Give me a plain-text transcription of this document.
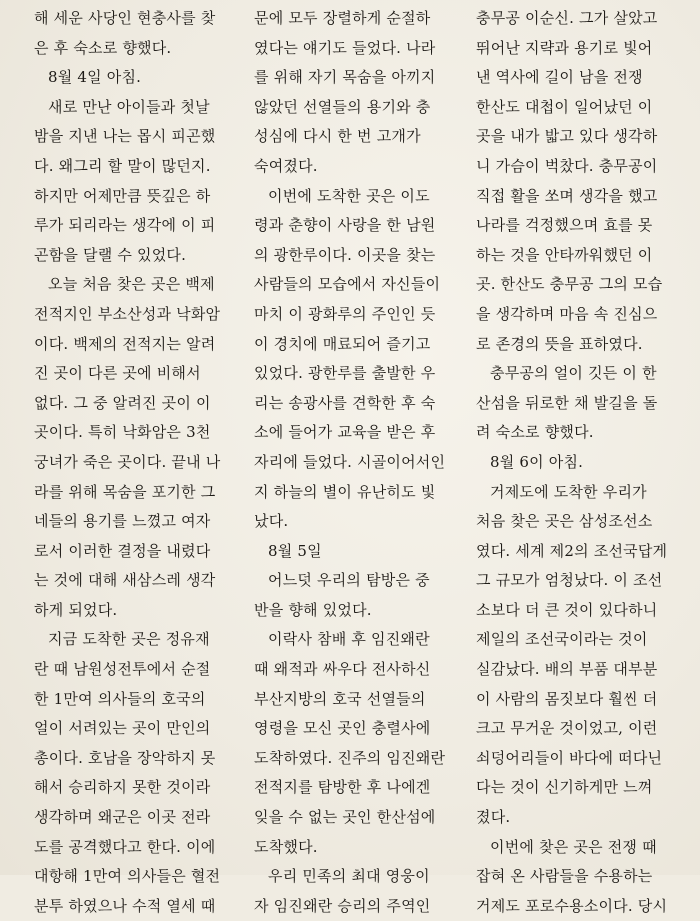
해 세운 사당인 현충사를 찾
은 후 숙소로 향했다.
8월 4일 아침.
새로 만난 아이들과 첫날
밤을 지낸 나는 몹시 피곤했
다. 왜그리 할 말이 많던지.
하지만 어제만큼 뜻깊은 하
루가 되리라는 생각에 이 피
곤함을 달랠 수 있었다.
오늘 처음 찾은 곳은 백제
전적지인 부소산성과 낙화암
이다. 백제의 전적지는 알려
진 곳이 다른 곳에 비해서
없다. 그 중 알려진 곳이 이
곳이다. 특히 낙화암은 3천
궁녀가 죽은 곳이다. 끝내 나
라를 위해 목숨을 포기한 그
네들의 용기를 느꼈고 여자
로서 이러한 결정을 내렸다
는 것에 대해 새삼스레 생각
하게 되었다.
지금 도착한 곳은 정유재
란 때 남원성전투에서 순절
한 1만여 의사들의 호국의
얼이 서려있는 곳이 만인의
총이다. 호남을 장악하지 못
해서 승리하지 못한 것이라
생각하며 왜군은 이곳 전라
도를 공격했다고 한다. 이에
대항해 1만여 의사들은 혈전
분투 하였으나 수적 열세 때
문에 모두 장렬하게 순절하
였다는 얘기도 들었다. 나라
를 위해 자기 목숨을 아끼지
않았던 선열들의 용기와 충
성심에 다시 한 번 고개가
숙여졌다.
이번에 도착한 곳은 이도
령과 춘향이 사랑을 한 남원
의 광한루이다. 이곳을 찾는
사람들의 모습에서 자신들이
마치 이 광화루의 주인인 듯
이 경치에 매료되어 즐기고
있었다. 광한루를 출발한 우
리는 송광사를 견학한 후 숙
소에 들어가 교육을 받은 후
자리에 들었다. 시골이어서인
지 하늘의 별이 유난히도 빛
났다.
8월 5일
어느덧 우리의 탐방은 중
반을 향해 있었다.
이락사 참배 후 임진왜란
때 왜적과 싸우다 전사하신
부산지방의 호국 선열들의
영령을 모신 곳인 충렬사에
도착하였다. 진주의 임진왜란
전적지를 탐방한 후 나에겐
잊을 수 없는 곳인 한산섬에
도착했다.
우리 민족의 최대 영웅이
자 임진왜란 승리의 주역인
충무공 이순신. 그가 살았고
뛰어난 지략과 용기로 빛어
낸 역사에 길이 남을 전쟁
한산도 대첩이 일어났던 이
곳을 내가 밟고 있다 생각하
니 가슴이 벅찼다. 충무공이
직접 활을 쏘며 생각을 했고
나라를 걱정했으며 효를 못
하는 것을 안타까워했던 이
곳. 한산도 충무공 그의 모습
을 생각하며 마음 속 진심으
로 존경의 뜻을 표하였다.
충무공의 얼이 깃든 이 한
산섬을 뒤로한 채 발길을 돌
려 숙소로 향했다.
8월 6이 아침.
거제도에 도착한 우리가
처음 찾은 곳은 삼성조선소
였다. 세계 제2의 조선국답게
그 규모가 엄청났다. 이 조선
소보다 더 큰 것이 있다하니
제일의 조선국이라는 것이
실감났다. 배의 부품 대부분
이 사람의 몸짓보다 훨씬 더
크고 무거운 것이었고, 이런
쇠덩어리들이 바다에 떠다닌
다는 것이 신기하게만 느껴
졌다.
이번에 찾은 곳은 전쟁 때
잡혀 온 사람들을 수용하는
거제도 포로수용소이다. 당시
